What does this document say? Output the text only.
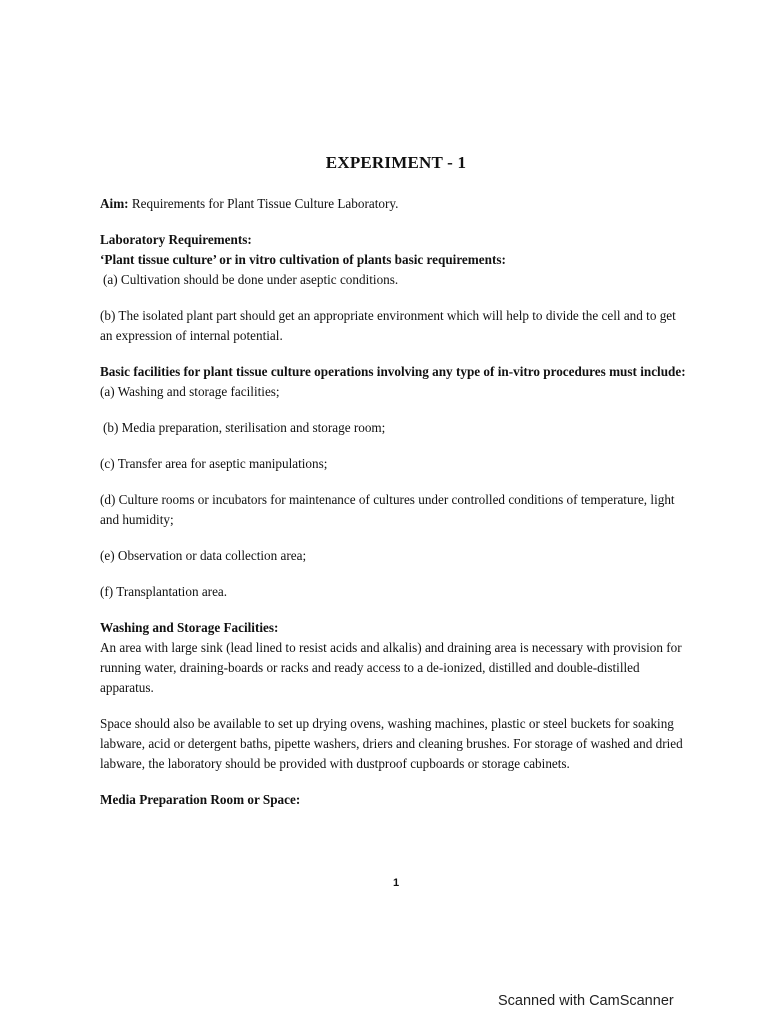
EXPERIMENT - 1

Aim: Requirements for Plant Tissue Culture Laboratory.

Laboratory Requirements:

‘Plant tissue culture’ or in vitro cultivation of plants basic requirements:

(a) Cultivation should be done under aseptic conditions.

(b) The isolated plant part should get an appropriate environment which will help to divide the cell and to get an expression of internal potential.

Basic facilities for plant tissue culture operations involving any type of in-vitro procedures must include:

(a) Washing and storage facilities;

(b) Media preparation, sterilisation and storage room;

(c) Transfer area for aseptic manipulations;

(d) Culture rooms or incubators for maintenance of cultures under controlled conditions of temperature, light and humidity;

(e) Observation or data collection area;

(f) Transplantation area.

Washing and Storage Facilities:

An area with large sink (lead lined to resist acids and alkalis) and draining area is necessary with provision for running water, draining-boards or racks and ready access to a de-ionized, distilled and double-distilled apparatus.

Space should also be available to set up drying ovens, washing machines, plastic or steel buckets for soaking labware, acid or detergent baths, pipette washers, driers and cleaning brushes. For storage of washed and dried labware, the laboratory should be provided with dustproof cupboards or storage cabinets.

Media Preparation Room or Space:

1
Scanned with CamScanner
